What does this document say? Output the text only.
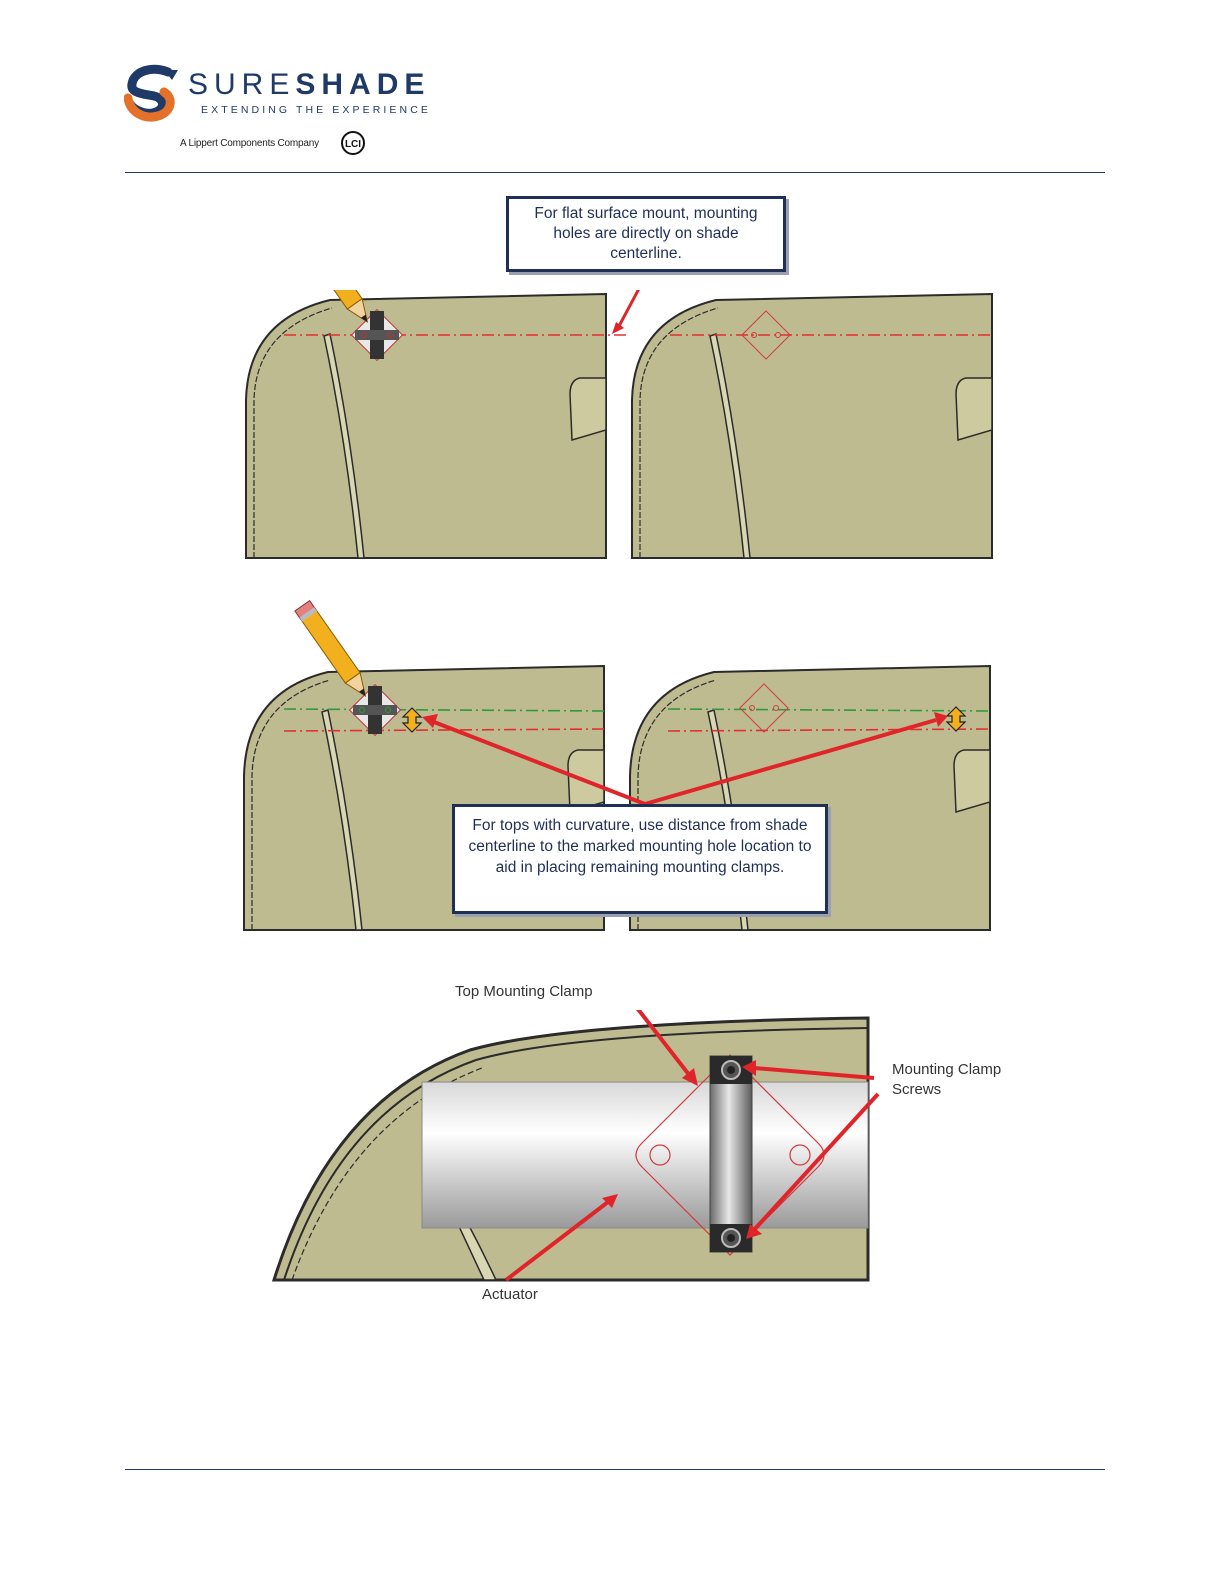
SURESHADE
EXTENDING THE EXPERIENCE
A Lippert Components Company	LCI
For flat surface mount, mounting holes are directly on shade centerline.
For tops with curvature, use distance from shade centerline to the marked mounting hole location to aid in placing remaining mounting clamps.
Top Mounting Clamp
Mounting Clamp
Screws
Actuator
